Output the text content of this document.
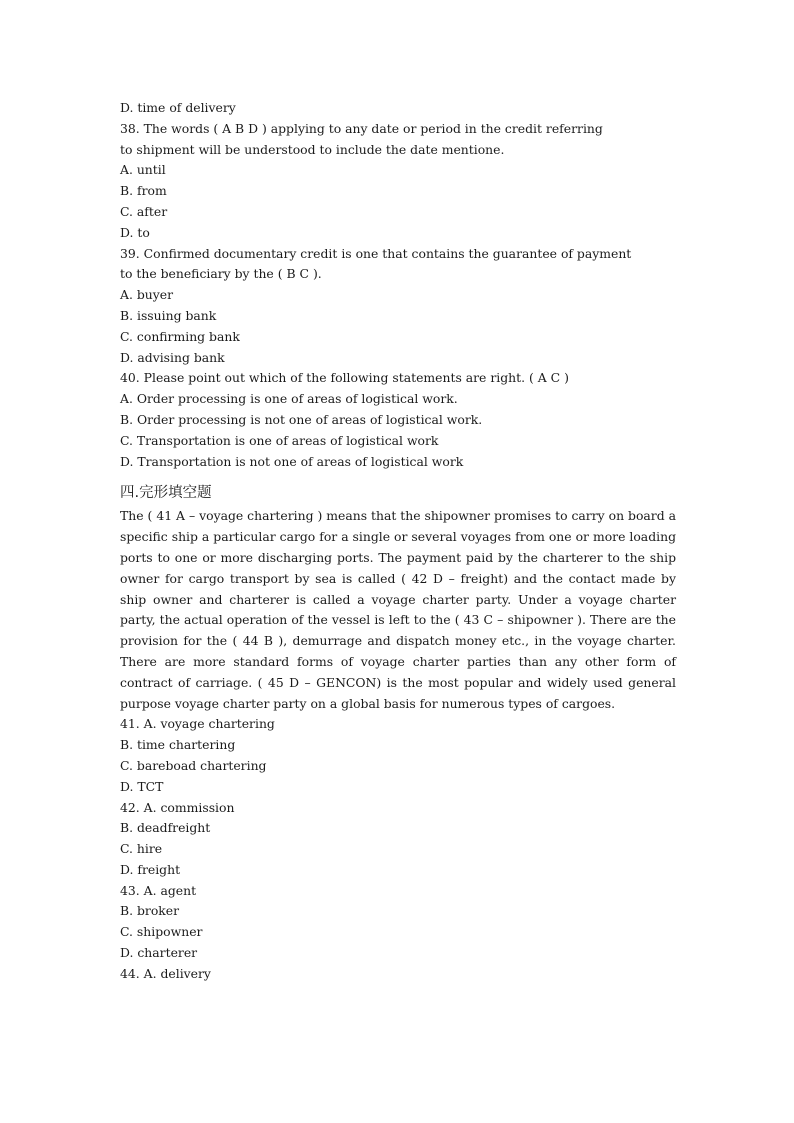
D. time of delivery
38. The words ( A B D ) applying to any date or period in the credit referring
to shipment will be understood to include the date mentione.
A. until
B. from
C. after
D. to
39. Confirmed documentary credit is one that contains the guarantee of payment
to the beneficiary by the ( B C ).
A. buyer
B. issuing bank
C. confirming bank
D. advising bank
40. Please point out which of the following statements are right. ( A C )
A. Order processing is one of areas of logistical work.
B. Order processing is not one of areas of logistical work.
C. Transportation is one of areas of logistical work
D. Transportation is not one of areas of logistical work
四.完形填空题
The ( 41 A – voyage chartering ) means that the shipowner promises to carry on board a specific ship a particular cargo for a single or several voyages from one or more loading ports to one or more discharging ports. The payment paid by the charterer to the ship owner for cargo transport by sea is called ( 42 D – freight) and the contact made by ship owner and charterer is called a voyage charter party. Under a voyage charter party, the actual operation of the vessel is left to the ( 43 C – shipowner ). There are the provision for the ( 44 B ), demurrage and dispatch money etc., in the voyage charter. There are more standard forms of voyage charter parties than any other form of contract of carriage. ( 45 D – GENCON) is the most popular and widely used general purpose voyage charter party on a global basis for numerous types of cargoes.
41. A. voyage chartering
B. time chartering
C. bareboad chartering
D. TCT
42. A. commission
B. deadfreight
C. hire
D. freight
43. A. agent
B. broker
C. shipowner
D. charterer
44. A. delivery
